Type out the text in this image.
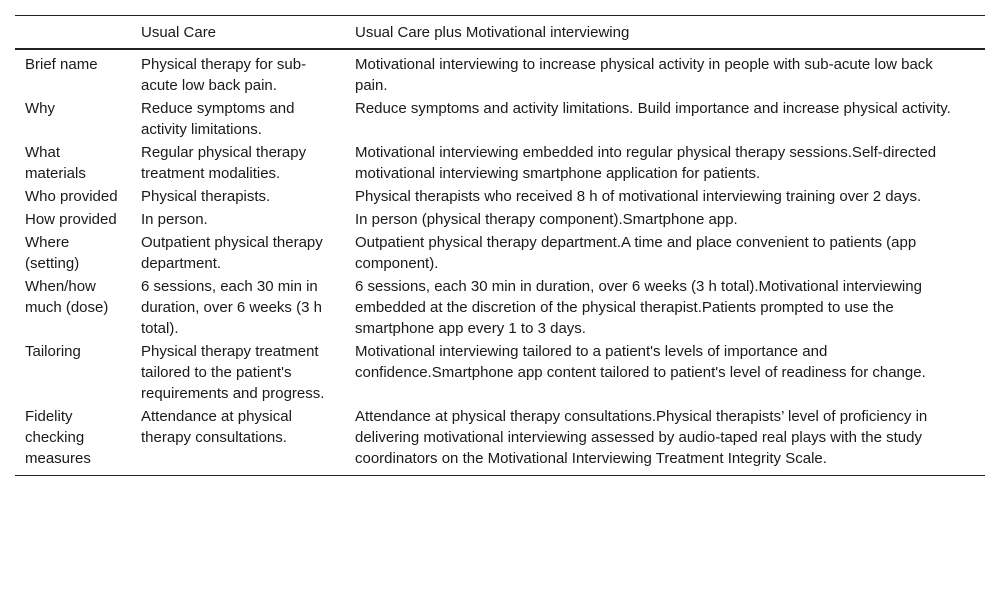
	Usual Care	Usual Care plus Motivational interviewing
Brief name	Physical therapy for sub-acute low back pain.	Motivational interviewing to increase physical activity in people with sub-acute low back pain.
Why	Reduce symptoms and activity limitations.	Reduce symptoms and activity limitations. Build importance and increase physical activity.
What materials	Regular physical therapy treatment modalities.	Motivational interviewing embedded into regular physical therapy sessions.Self-directed motivational interviewing smartphone application for patients.
Who provided	Physical therapists.	Physical therapists who received 8 h of motivational interviewing training over 2 days.
How provided	In person.	In person (physical therapy component).Smartphone app.
Where (setting)	Outpatient physical therapy department.	Outpatient physical therapy department.A time and place convenient to patients (app component).
When/how much (dose)	6 sessions, each 30 min in duration, over 6 weeks (3 h total).	6 sessions, each 30 min in duration, over 6 weeks (3 h total).Motivational interviewing embedded at the discretion of the physical therapist.Patients prompted to use the smartphone app every 1 to 3 days.
Tailoring	Physical therapy treatment tailored to the patient's requirements and progress.	Motivational interviewing tailored to a patient's levels of importance and confidence.Smartphone app content tailored to patient's level of readiness for change.
Fidelity checking measures	Attendance at physical therapy consultations.	Attendance at physical therapy consultations.Physical therapists’ level of proficiency in delivering motivational interviewing assessed by audio-taped real plays with the study coordinators on the Motivational Interviewing Treatment Integrity Scale.
